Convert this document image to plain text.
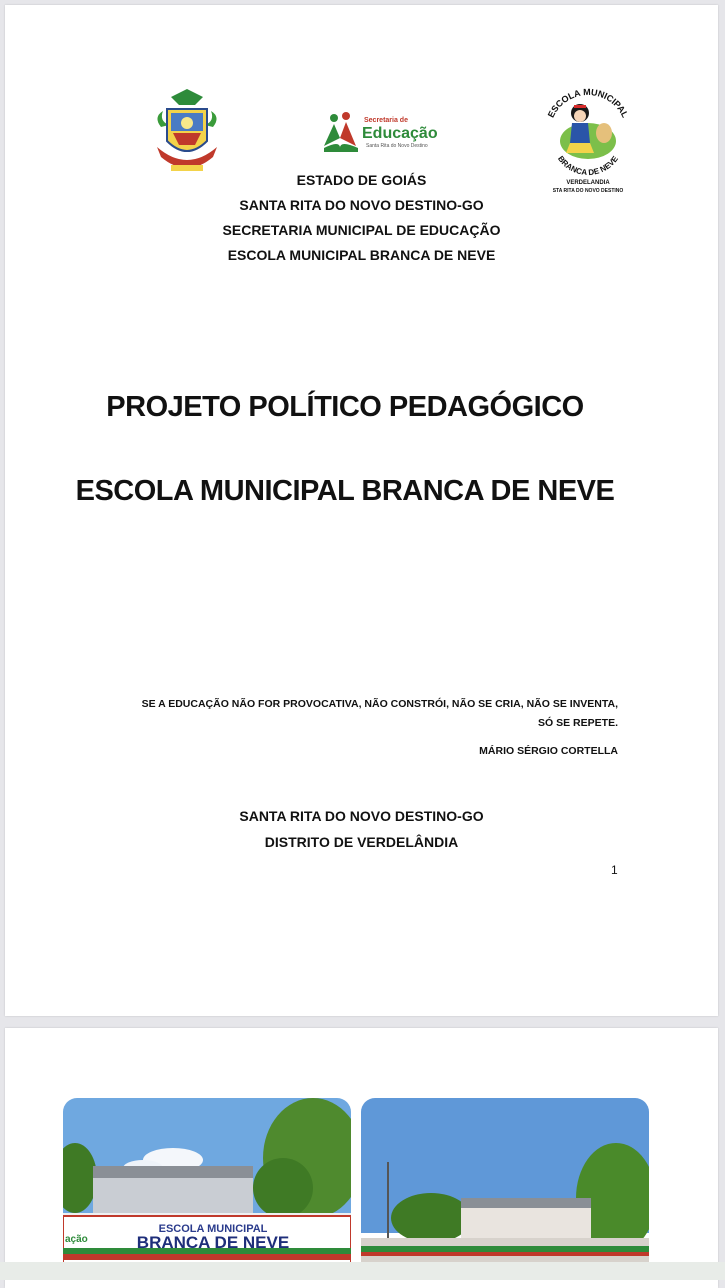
Secretaria de
Educação
Santa Rita do Novo Destino
ESCOLA MUNICIPAL
BRANCA DE NEVE
VERDELANDIA
STA RITA DO NOVO DESTINO
ESTADO DE GOIÁS
SANTA RITA DO NOVO DESTINO-GO
SECRETARIA MUNICIPAL DE EDUCAÇÃO
ESCOLA MUNICIPAL BRANCA DE NEVE
PROJETO POLÍTICO PEDAGÓGICO
ESCOLA MUNICIPAL BRANCA DE NEVE
SE A EDUCAÇÃO NÃO FOR PROVOCATIVA, NÃO CONSTRÓI, NÃO SE CRIA, NÃO SE INVENTA,
SÓ SE REPETE.
MÁRIO SÉRGIO CORTELLA
SANTA RITA DO NOVO DESTINO-GO
DISTRITO DE VERDELÂNDIA
1
ESCOLA MUNICIPAL
BRANCA DE NEVE
ação
